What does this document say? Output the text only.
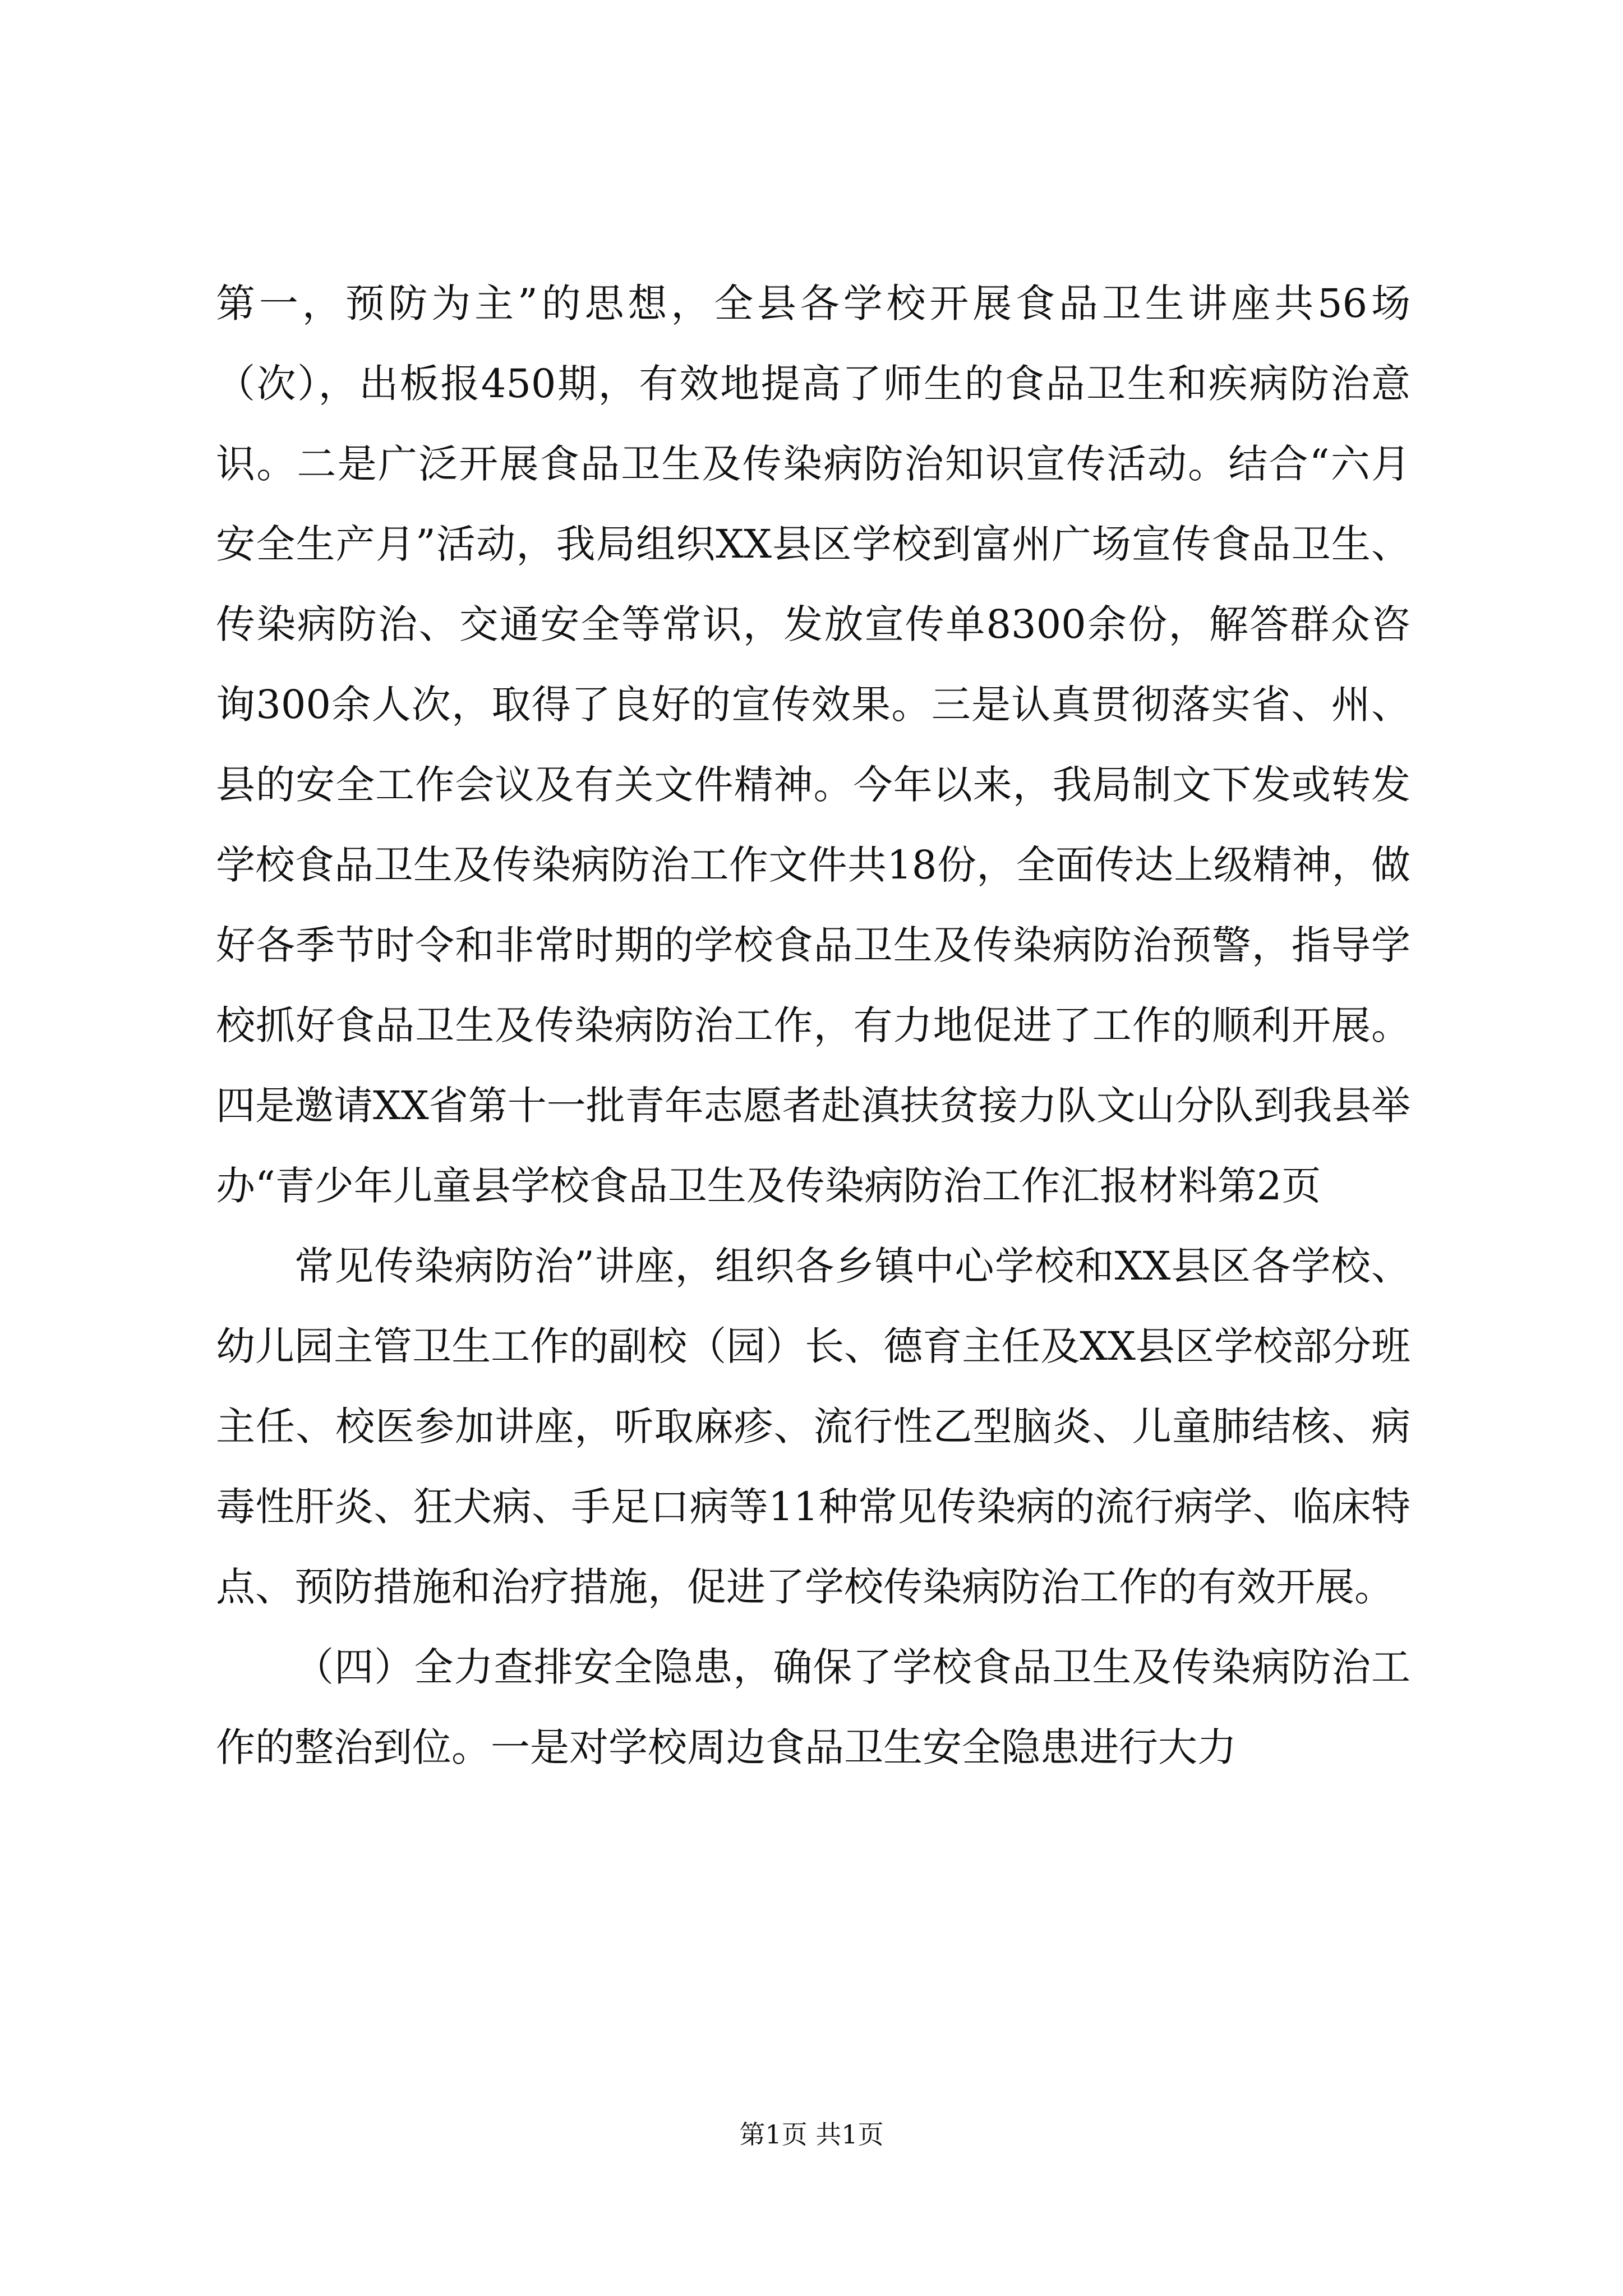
第一，预防为主”的思想，全县各学校开展食品卫生讲座共56场（次），出板报450期，有效地提高了师生的食品卫生和疾病防治意识。二是广泛开展食品卫生及传染病防治知识宣传活动。结合“六月安全生产月”活动，我局组织XX县区学校到富州广场宣传食品卫生、传染病防治、交通安全等常识，发放宣传单8300余份，解答群众咨询300余人次，取得了良好的宣传效果。三是认真贯彻落实省、州、县的安全工作会议及有关文件精神。今年以来，我局制文下发或转发学校食品卫生及传染病防治工作文件共18份，全面传达上级精神，做好各季节时令和非常时期的学校食品卫生及传染病防治预警，指导学校抓好食品卫生及传染病防治工作，有力地促进了工作的顺利开展。四是邀请XX省第十一批青年志愿者赴滇扶贫接力队文山分队到我县举办“青少年儿童县学校食品卫生及传染病防治工作汇报材料第2页

常见传染病防治”讲座，组织各乡镇中心学校和XX县区各学校、幼儿园主管卫生工作的副校（园）长、德育主任及XX县区学校部分班主任、校医参加讲座，听取麻疹、流行性乙型脑炎、儿童肺结核、病毒性肝炎、狂犬病、手足口病等11种常见传染病的流行病学、临床特点、预防措施和治疗措施，促进了学校传染病防治工作的有效开展。

（四）全力查排安全隐患，确保了学校食品卫生及传染病防治工作的整治到位。一是对学校周边食品卫生安全隐患进行大力

第1页 共1页
